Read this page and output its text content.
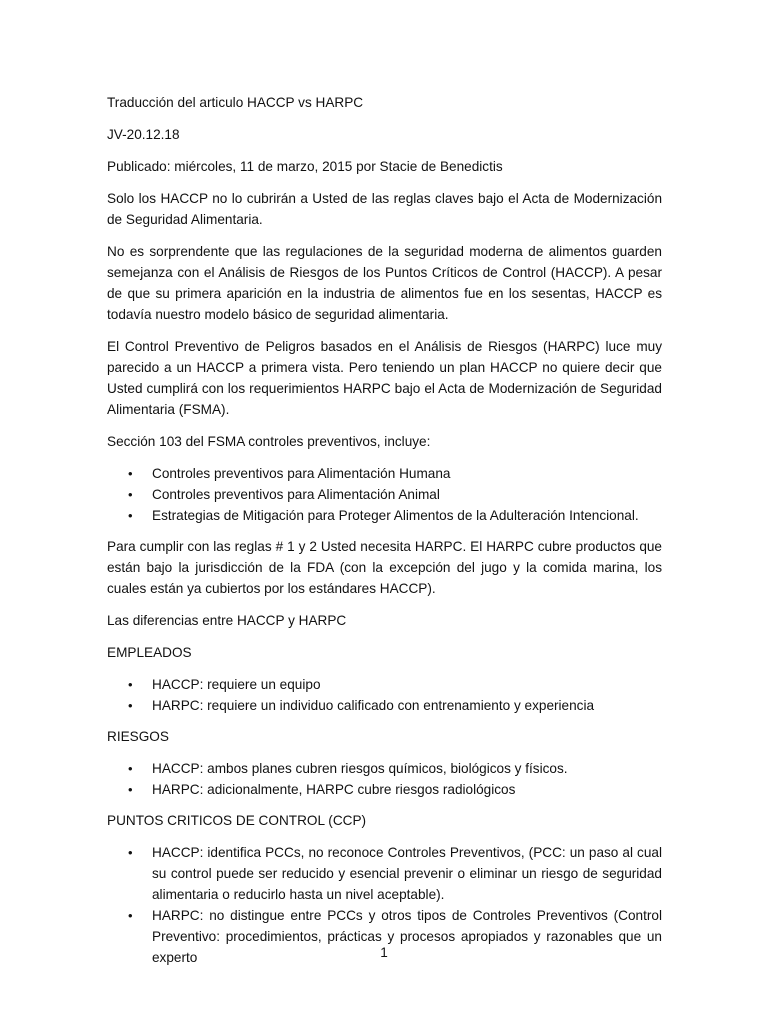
Traducción del articulo HACCP vs HARPC

JV-20.12.18

Publicado: miércoles, 11 de marzo, 2015 por Stacie de Benedictis

Solo los HACCP no lo cubrirán a Usted de las reglas claves bajo el Acta de Modernización de Seguridad Alimentaria.

No es sorprendente que las regulaciones de la seguridad moderna de alimentos guarden semejanza con el Análisis de Riesgos de los Puntos Críticos de Control (HACCP). A pesar de que su primera aparición en la industria de alimentos fue en los sesentas, HACCP es todavía nuestro modelo básico de seguridad alimentaria.

El Control Preventivo de Peligros basados en el Análisis de Riesgos (HARPC) luce muy parecido a un HACCP a primera vista. Pero teniendo un plan HACCP no quiere decir que Usted cumplirá con los requerimientos HARPC bajo el Acta de Modernización de Seguridad Alimentaria (FSMA).

Sección 103 del FSMA controles preventivos, incluye:

• Controles preventivos para Alimentación Humana
• Controles preventivos para Alimentación Animal
• Estrategias de Mitigación para Proteger Alimentos de la Adulteración Intencional.

Para cumplir con las reglas # 1 y 2 Usted necesita HARPC. El HARPC cubre productos que están bajo la jurisdicción de la FDA (con la excepción del jugo y la comida marina, los cuales están ya cubiertos por los estándares HACCP).

Las diferencias entre HACCP y HARPC

EMPLEADOS

• HACCP: requiere un equipo
• HARPC: requiere un individuo calificado con entrenamiento y experiencia

RIESGOS

• HACCP: ambos planes cubren riesgos químicos, biológicos y físicos.
• HARPC: adicionalmente, HARPC cubre riesgos radiológicos

PUNTOS CRITICOS DE CONTROL (CCP)

• HACCP: identifica PCCs, no reconoce Controles Preventivos, (PCC: un paso al cual su control puede ser reducido y esencial prevenir o eliminar un riesgo de seguridad alimentaria o reducirlo hasta un nivel aceptable).
• HARPC: no distingue entre PCCs y otros tipos de Controles Preventivos (Control Preventivo: procedimientos, prácticas y procesos apropiados y razonables que un experto	1
